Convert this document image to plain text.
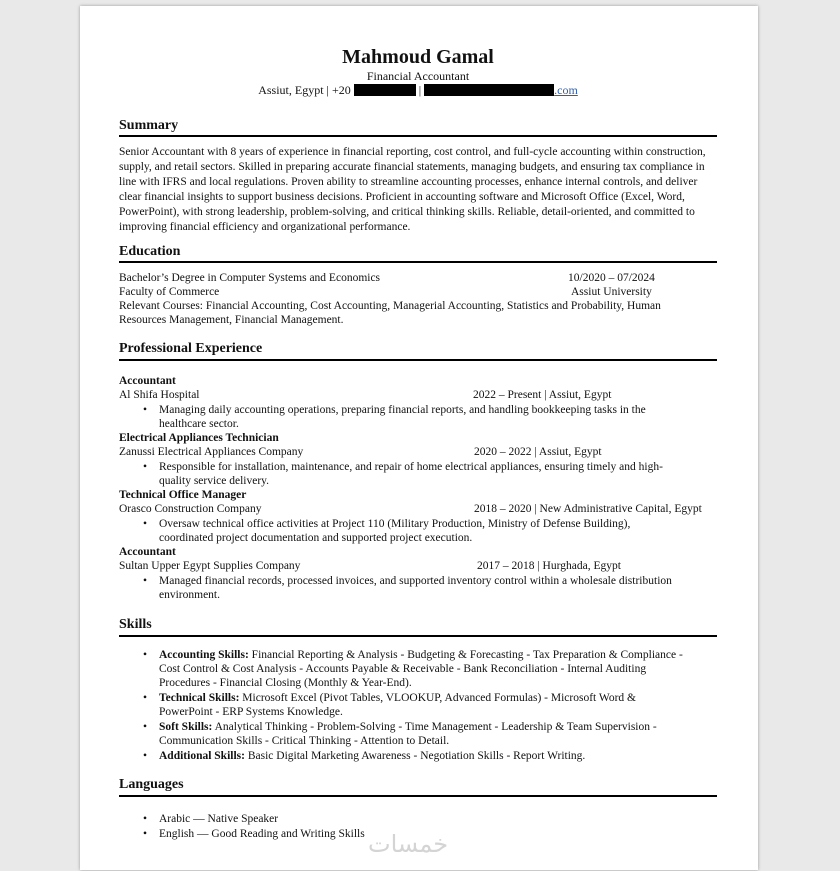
Mahmoud Gamal
Financial Accountant
Assiut, Egypt | +20	|	.com
Summary
Senior Accountant with 8 years of experience in financial reporting, cost control, and full-cycle accounting within construction, supply, and retail sectors. Skilled in preparing accurate financial statements, managing budgets, and ensuring tax compliance in line with IFRS and local regulations. Proven ability to streamline accounting processes, enhance internal controls, and deliver clear financial insights to support business decisions. Proficient in accounting software and Microsoft Office (Excel, Word, PowerPoint), with strong leadership, problem-solving, and critical thinking skills. Reliable, detail-oriented, and committed to improving financial efficiency and organizational performance.
Education
Bachelor’s Degree in Computer Systems and Economics	10/2020 – 07/2024
Faculty of Commerce	Assiut University
Relevant Courses: Financial Accounting, Cost Accounting, Managerial Accounting, Statistics and Probability, Human
Resources Management, Financial Management.
Professional Experience
Accountant
Al Shifa Hospital	2022 – Present | Assiut, Egypt
• Managing daily accounting operations, preparing financial reports, and handling bookkeeping tasks in the
healthcare sector.
Electrical Appliances Technician
Zanussi Electrical Appliances Company	2020 – 2022 | Assiut, Egypt
• Responsible for installation, maintenance, and repair of home electrical appliances, ensuring timely and high-
quality service delivery.
Technical Office Manager
Orasco Construction Company	2018 – 2020 | New Administrative Capital, Egypt
• Oversaw technical office activities at Project 110 (Military Production, Ministry of Defense Building),
coordinated project documentation and supported project execution.
Accountant
Sultan Upper Egypt Supplies Company	2017 – 2018 | Hurghada, Egypt
• Managed financial records, processed invoices, and supported inventory control within a wholesale distribution
environment.
Skills
• Accounting Skills: Financial Reporting & Analysis - Budgeting & Forecasting - Tax Preparation & Compliance -
Cost Control & Cost Analysis - Accounts Payable & Receivable - Bank Reconciliation - Internal Auditing
Procedures - Financial Closing (Monthly & Year-End).
• Technical Skills: Microsoft Excel (Pivot Tables, VLOOKUP, Advanced Formulas) - Microsoft Word &
PowerPoint - ERP Systems Knowledge.
• Soft Skills: Analytical Thinking - Problem-Solving - Time Management - Leadership & Team Supervision -
Communication Skills - Critical Thinking - Attention to Detail.
• Additional Skills: Basic Digital Marketing Awareness - Negotiation Skills - Report Writing.
Languages
• Arabic — Native Speaker
• English — Good Reading and Writing Skills خمسات
